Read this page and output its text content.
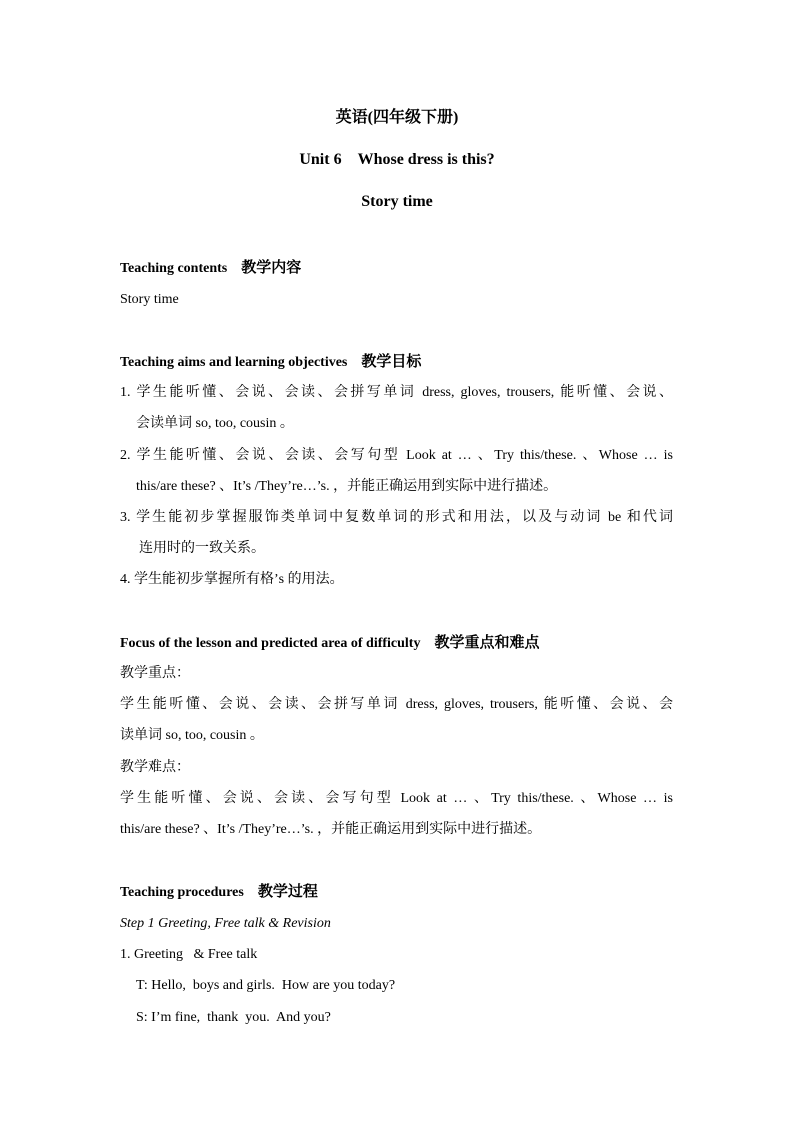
英语(四年级下册)
Unit 6　Whose dress is this?
Story time
Teaching contents 教学内容
Story time
Teaching aims and learning objectives 教学目标
1. 学生能听懂、会说、会读、会拼写单词 dress, gloves, trousers, 能听懂、会说、
会读单词 so, too, cousin 。
2. 学生能听懂、会说、会读、会写句型 Look at … 、Try this/these. 、Whose … is
this/are these? 、It’s /They’re…’s. ，并能正确运用到实际中进行描述。
3. 学生能初步掌握服饰类单词中复数单词的形式和用法，以及与动词 be 和代词
连用时的一致关系。
4. 学生能初步掌握所有格’s 的用法。
Focus of the lesson and predicted area of difficulty 教学重点和难点
教学重点：
学生能听懂、会说、会读、会拼写单词 dress, gloves, trousers, 能听懂、会说、会
读单词 so, too, cousin 。
教学难点：
学生能听懂、会说、会读、会写句型 Look at … 、Try this/these. 、Whose … is
this/are these? 、It’s /They’re…’s. ，并能正确运用到实际中进行描述。
Teaching procedures 教学过程
Step 1 Greeting, Free talk & Revision
1. Greeting   & Free talk
T: Hello,  boys and girls.  How are you today?
S: I’m fine,  thank  you.  And you?
